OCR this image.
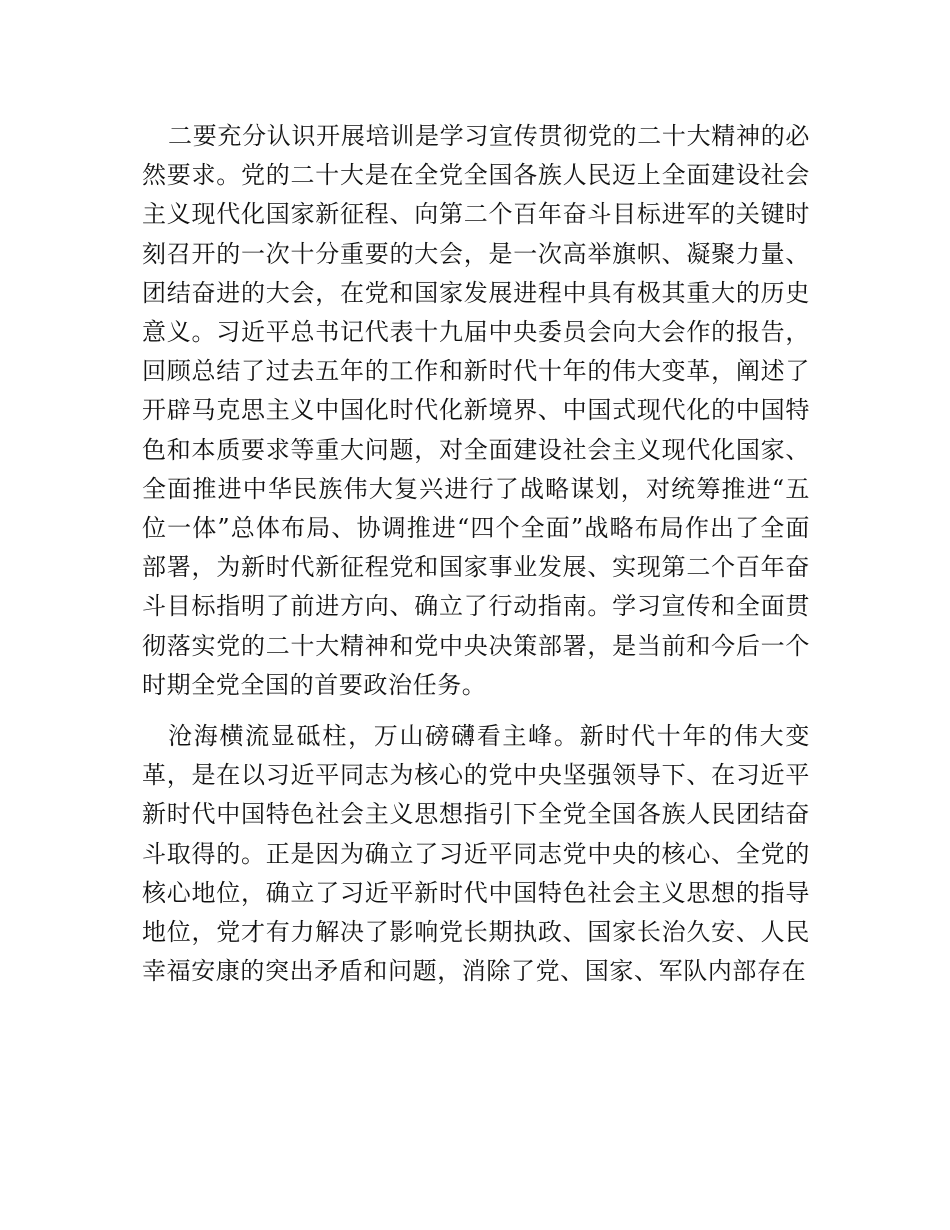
二要充分认识开展培训是学习宣传贯彻党的二十大精神的必然要求。党的二十大是在全党全国各族人民迈上全面建设社会主义现代化国家新征程、向第二个百年奋斗目标进军的关键时刻召开的一次十分重要的大会，是一次高举旗帜、凝聚力量、团结奋进的大会，在党和国家发展进程中具有极其重大的历史意义。习近平总书记代表十九届中央委员会向大会作的报告，回顾总结了过去五年的工作和新时代十年的伟大变革，阐述了开辟马克思主义中国化时代化新境界、中国式现代化的中国特色和本质要求等重大问题，对全面建设社会主义现代化国家、全面推进中华民族伟大复兴进行了战略谋划，对统筹推进“五位一体”总体布局、协调推进“四个全面”战略布局作出了全面部署，为新时代新征程党和国家事业发展、实现第二个百年奋斗目标指明了前进方向、确立了行动指南。学习宣传和全面贯彻落实党的二十大精神和党中央决策部署，是当前和今后一个时期全党全国的首要政治任务。

沧海横流显砥柱，万山磅礴看主峰。新时代十年的伟大变革，是在以习近平同志为核心的党中央坚强领导下、在习近平新时代中国特色社会主义思想指引下全党全国各族人民团结奋斗取得的。正是因为确立了习近平同志党中央的核心、全党的核心地位，确立了习近平新时代中国特色社会主义思想的指导地位，党才有力解决了影响党长期执政、国家长治久安、人民幸福安康的突出矛盾和问题，消除了党、国家、军队内部存在
